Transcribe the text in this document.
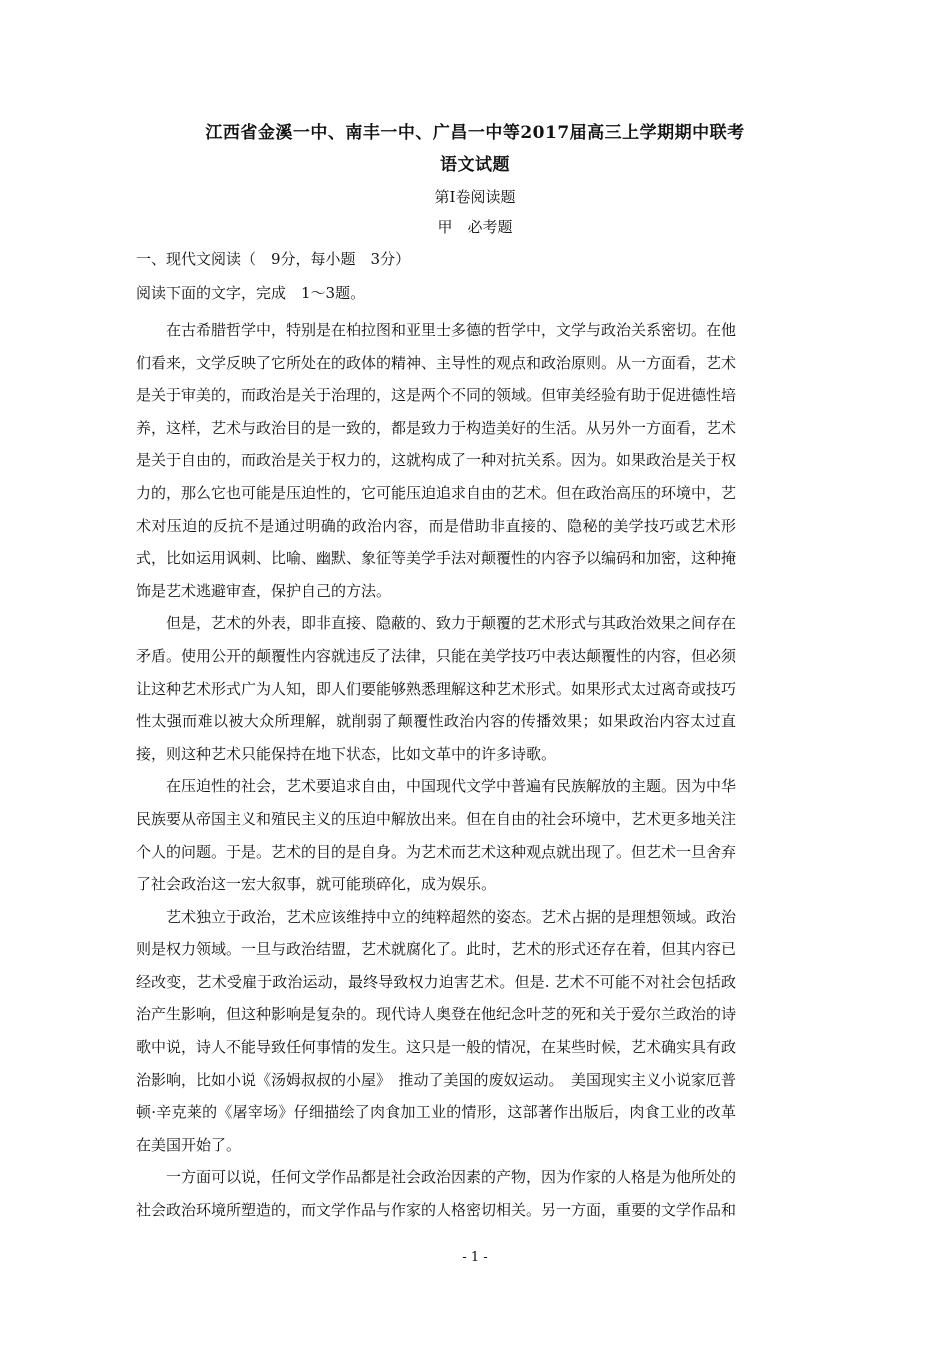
江西省金溪一中、南丰一中、广昌一中等2017届高三上学期期中联考
语文试题
第Ⅰ卷阅读题
甲　必考题
一、现代文阅读（　9分，每小题　3分）
阅读下面的文字，完成　1～3题。

在古希腊哲学中，特别是在柏拉图和亚里士多德的哲学中，文学与政治关系密切。在他们看来，文学反映了它所处在的政体的精神、主导性的观点和政治原则。从一方面看，艺术是关于审美的，而政治是关于治理的，这是两个不同的领域。但审美经验有助于促进德性培养，这样，艺术与政治目的是一致的，都是致力于构造美好的生活。从另外一方面看，艺术是关于自由的，而政治是关于权力的，这就构成了一种对抗关系。因为。如果政治是关于权力的，那么它也可能是压迫性的，它可能压迫追求自由的艺术。但在政治高压的环境中，艺术对压迫的反抗不是通过明确的政治内容，而是借助非直接的、隐秘的美学技巧或艺术形式，比如运用讽刺、比喻、幽默、象征等美学手法对颠覆性的内容予以编码和加密，这种掩饰是艺术逃避审查，保护自己的方法。

但是，艺术的外表，即非直接、隐蔽的、致力于颠覆的艺术形式与其政治效果之间存在矛盾。使用公开的颠覆性内容就违反了法律，只能在美学技巧中表达颠覆性的内容，但必须让这种艺术形式广为人知，即人们要能够熟悉理解这种艺术形式。如果形式太过离奇或技巧性太强而难以被大众所理解，就削弱了颠覆性政治内容的传播效果；如果政治内容太过直接，则这种艺术只能保持在地下状态，比如文革中的许多诗歌。

在压迫性的社会，艺术要追求自由，中国现代文学中普遍有民族解放的主题。因为中华民族要从帝国主义和殖民主义的压迫中解放出来。但在自由的社会环境中，艺术更多地关注个人的问题。于是。艺术的目的是自身。为艺术而艺术这种观点就出现了。但艺术一旦舍弃了社会政治这一宏大叙事，就可能琐碎化，成为娱乐。

艺术独立于政治，艺术应该维持中立的纯粹超然的姿态。艺术占据的是理想领域。政治则是权力领域。一旦与政治结盟，艺术就腐化了。此时，艺术的形式还存在着，但其内容已经改变，艺术受雇于政治运动，最终导致权力迫害艺术。但是. 艺术不可能不对社会包括政治产生影响，但这种影响是复杂的。现代诗人奥登在他纪念叶芝的死和关于爱尔兰政治的诗歌中说，诗人不能导致任何事情的发生。这只是一般的情况，在某些时候，艺术确实具有政治影响，比如小说《汤姆叔叔的小屋》　推动了美国的废奴运动。　美国现实主义小说家厄普顿·辛克莱的《屠宰场》仔细描绘了肉食加工业的情形，这部著作出版后，肉食工业的改革在美国开始了。

一方面可以说，任何文学作品都是社会政治因素的产物，因为作家的人格是为他所处的社会政治环境所塑造的，而文学作品与作家的人格密切相关。另一方面，重要的文学作品和

- 1 -
